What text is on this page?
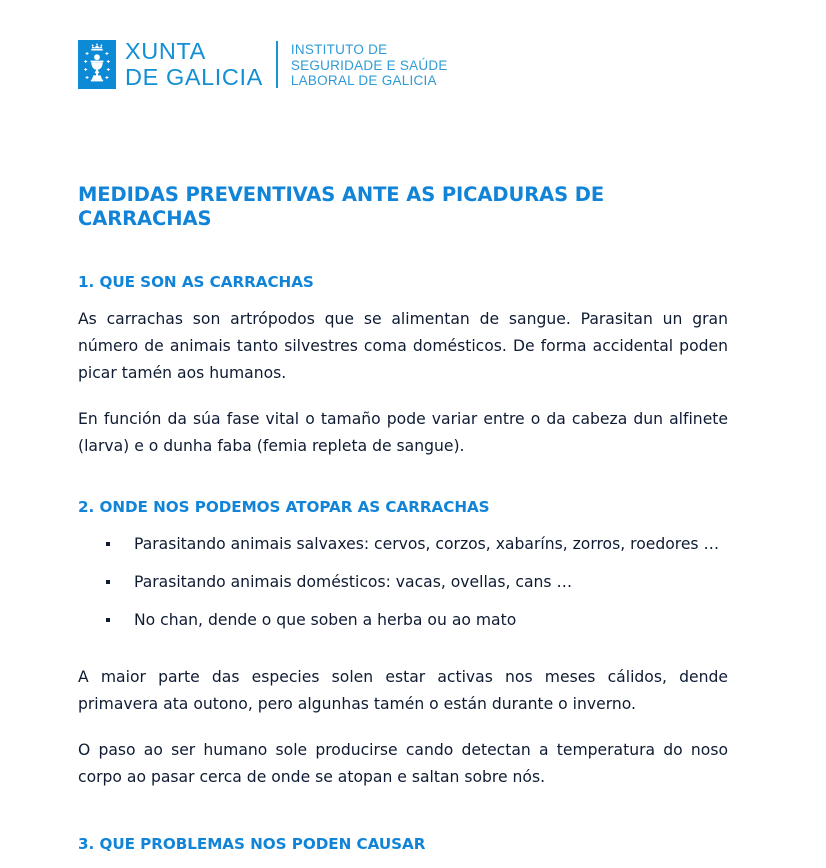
XUNTA
DE GALICIA
INSTITUTO DE
SEGURIDADE E SAÚDE
LABORAL DE GALICIA
MEDIDAS PREVENTIVAS ANTE AS PICADURAS DE CARRACHAS
1. QUE SON AS CARRACHAS

As carrachas son artrópodos que se alimentan de sangue. Parasitan un gran número de animais tanto silvestres coma domésticos. De forma accidental poden picar tamén aos humanos.

En función da súa fase vital o tamaño pode variar entre o da cabeza dun alfinete (larva) e o dunha faba (femia repleta de sangue).

2. ONDE NOS PODEMOS ATOPAR AS CARRACHAS
Parasitando animais salvaxes: cervos, corzos, xabaríns, zorros, roedores …
Parasitando animais domésticos: vacas, ovellas, cans …
No chan, dende o que soben a herba ou ao mato

A maior parte das especies solen estar activas nos meses cálidos, dende primavera ata outono, pero algunhas tamén o están durante o inverno.

O paso ao ser humano sole producirse cando detectan a temperatura do noso corpo ao pasar cerca de onde se atopan e saltan sobre nós.

3. QUE PROBLEMAS NOS PODEN CAUSAR
